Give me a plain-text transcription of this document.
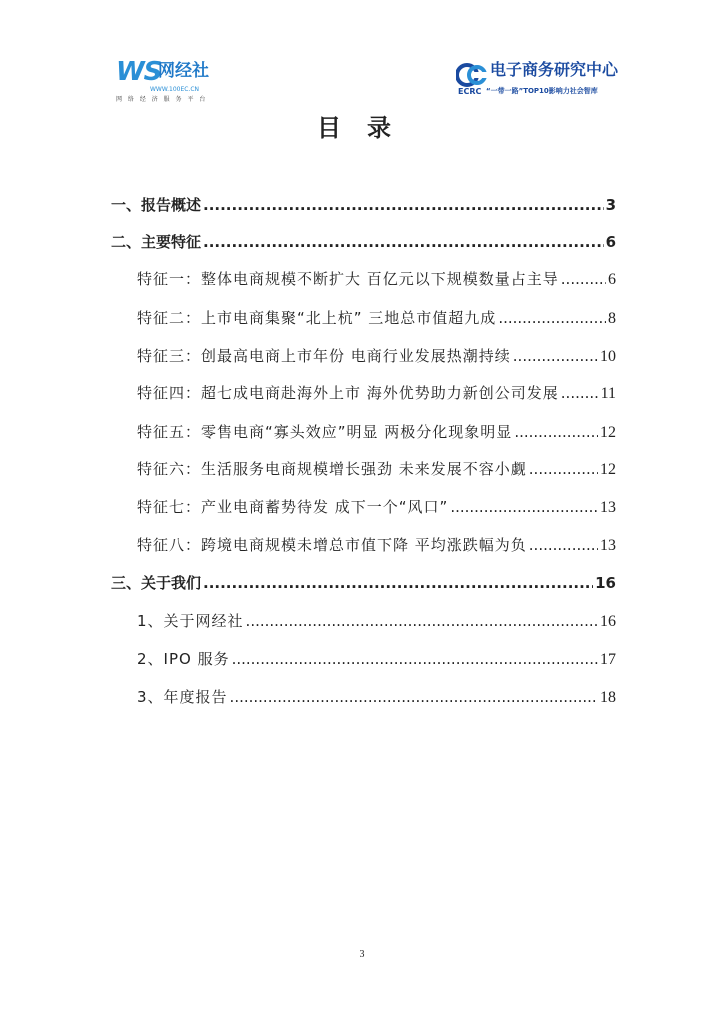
WS
网经社
网 络 经 济 服 务 平 台
WWW.100EC.CN
电子商务研究中心
ECRC “一带一路”TOP10影响力社会智库
目录
一、报告概述 .....	3
二、主要特征 .....	6
特征一：整体电商规模不断扩大 百亿元以下规模数量占主导 .....	6
特征二：上市电商集聚“北上杭” 三地总市值超九成 .....	8
特征三：创最高电商上市年份 电商行业发展热潮持续 .....	10
特征四：超七成电商赴海外上市 海外优势助力新创公司发展 .....	11
特征五：零售电商“寡头效应”明显 两极分化现象明显 .....	12
特征六：生活服务电商规模增长强劲 未来发展不容小觑 .....	12
特征七：产业电商蓄势待发 成下一个“风口” .....	13
特征八：跨境电商规模未增总市值下降 平均涨跌幅为负 .....	13
三、关于我们 .....	16
1、关于网经社 .....	16
2、IPO 服务 .....	17
3、年度报告 .....	18
3
